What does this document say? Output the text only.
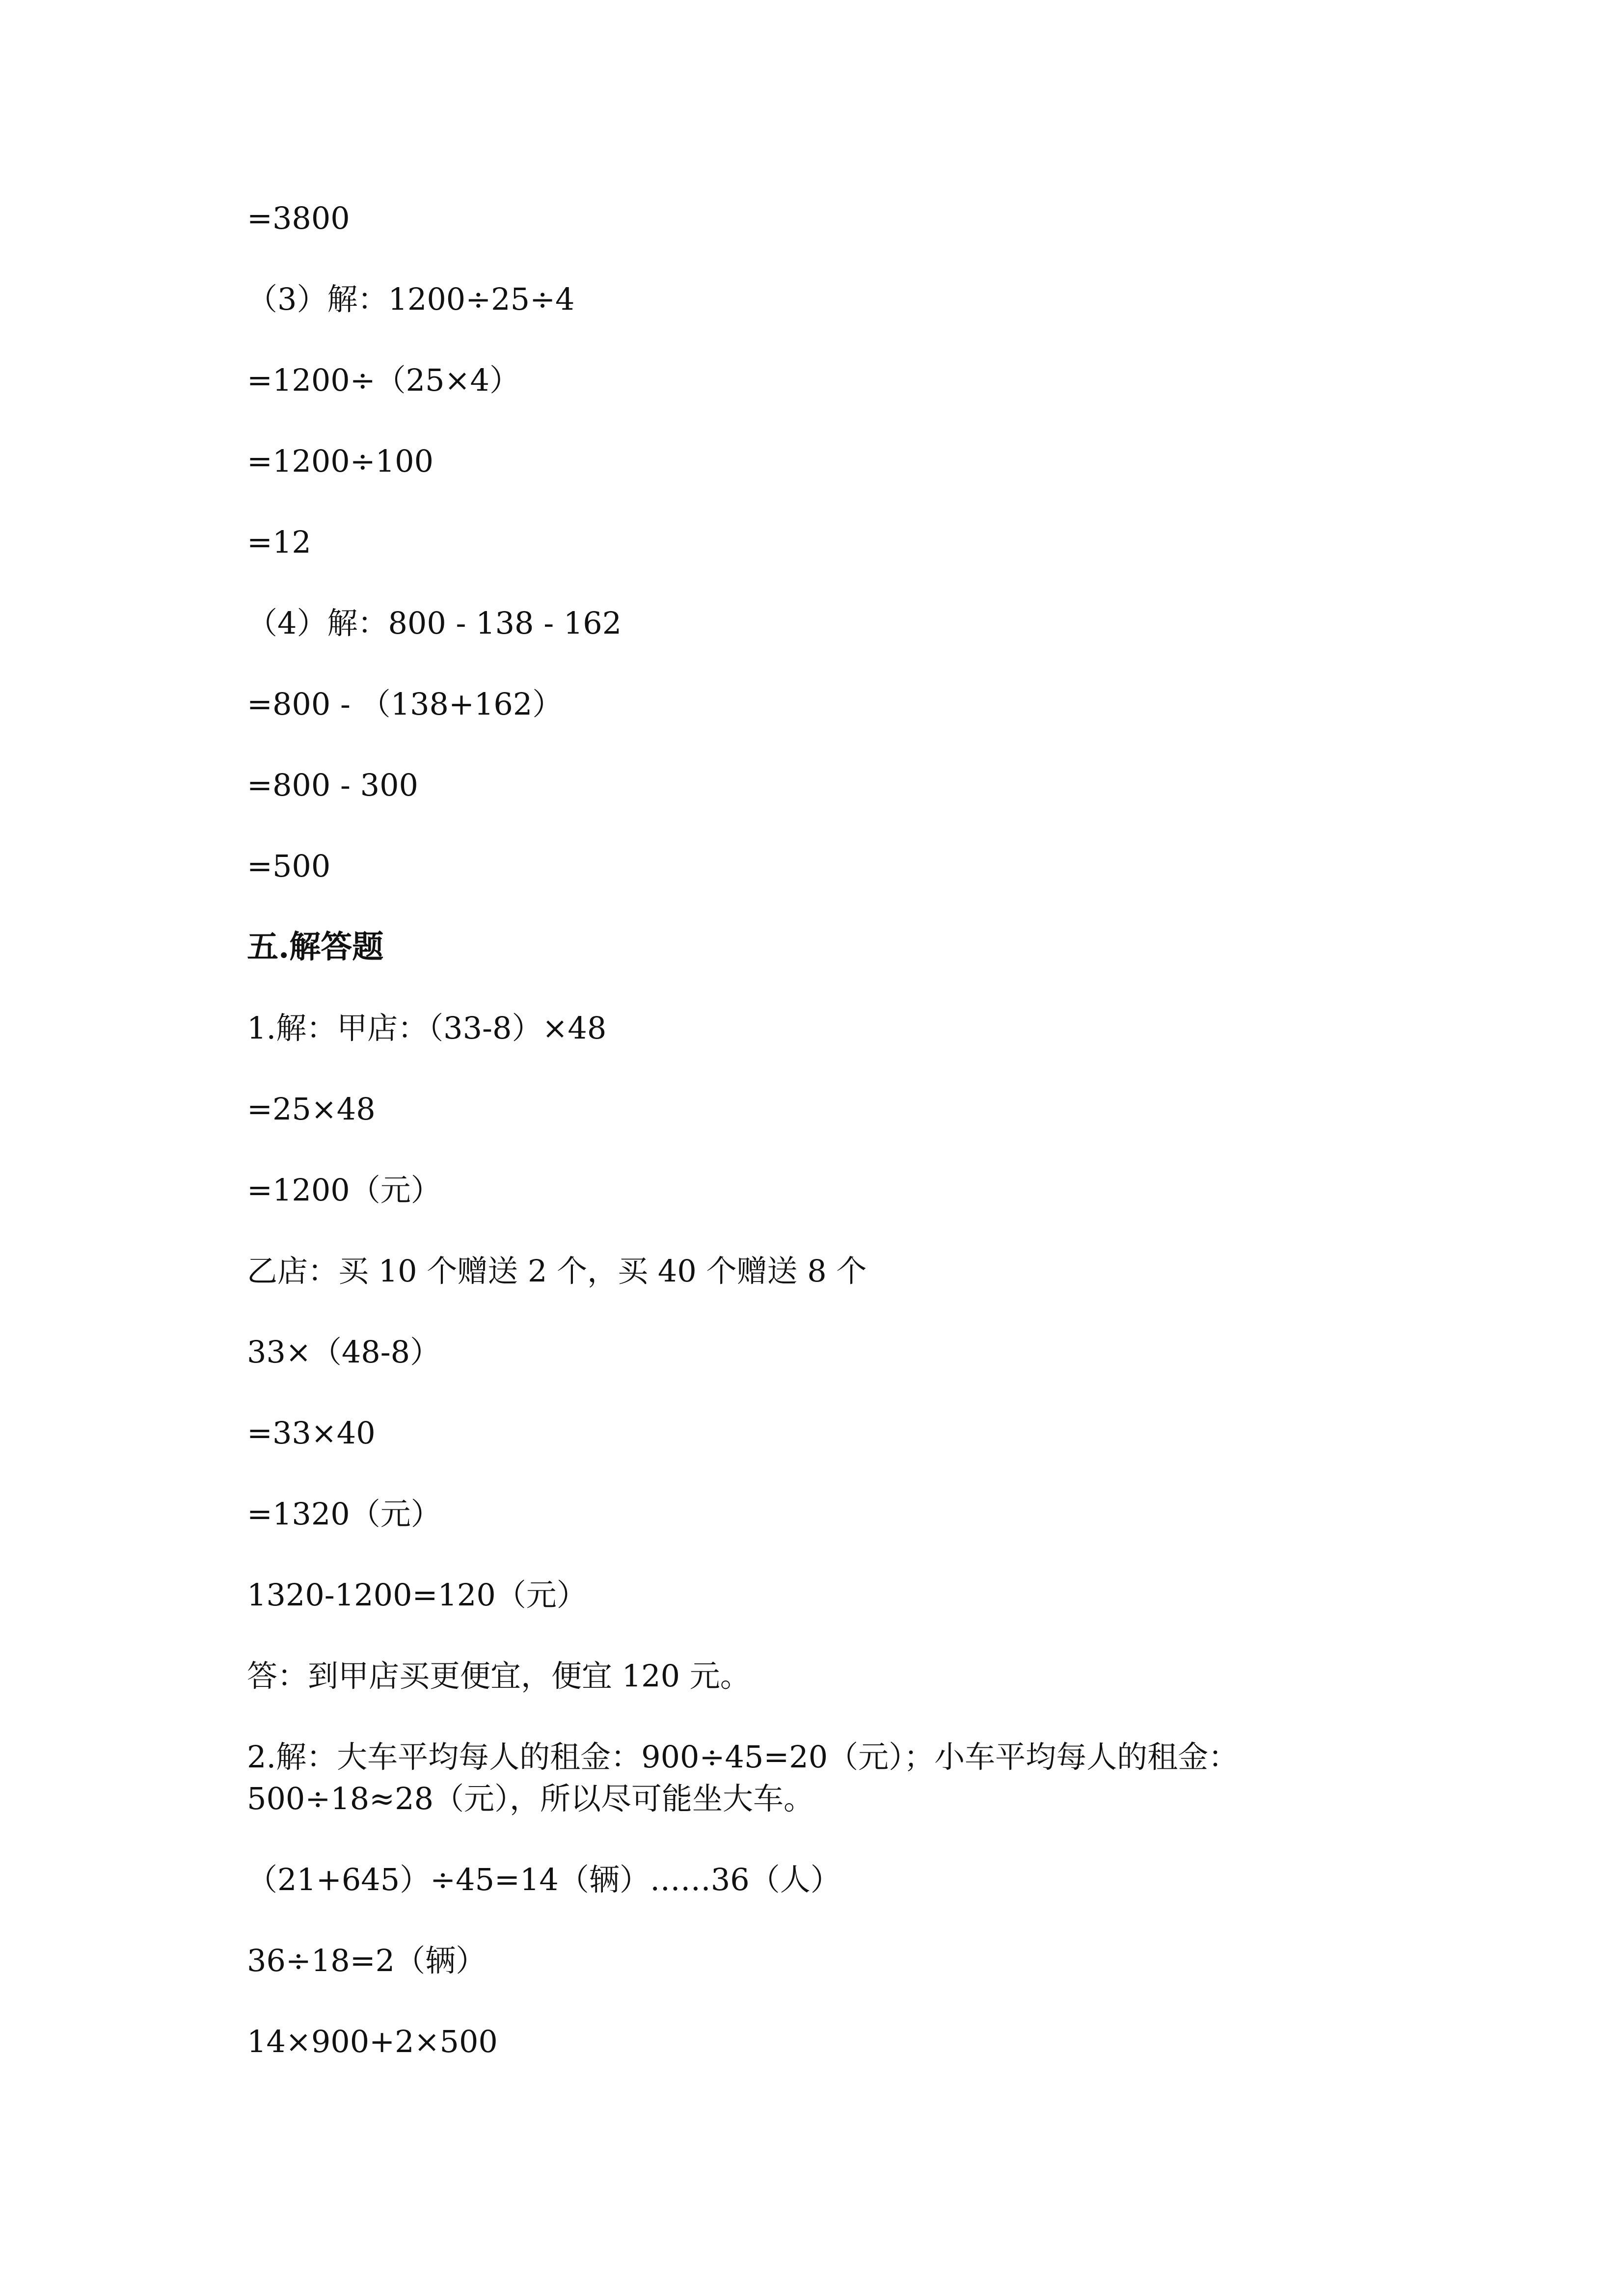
=3800
（3）解：1200÷25÷4
=1200÷（25×4）
=1200÷100
=12
（4）解：800 - 138 - 162
=800 - （138+162）
=800 - 300
=500
五.解答题
1.解：甲店：（33-8）×48
=25×48
=1200（元）
乙店：买 10 个赠送 2 个，买 40 个赠送 8 个
33×（48-8）
=33×40
=1320（元）
1320-1200=120（元）
答：到甲店买更便宜，便宜 120 元。
2.解：大车平均每人的租金：900÷45=20（元）；小车平均每人的租金：
500÷18≈28（元），所以尽可能坐大车。
（21+645）÷45=14（辆）……36（人）
36÷18=2（辆）
14×900+2×500
